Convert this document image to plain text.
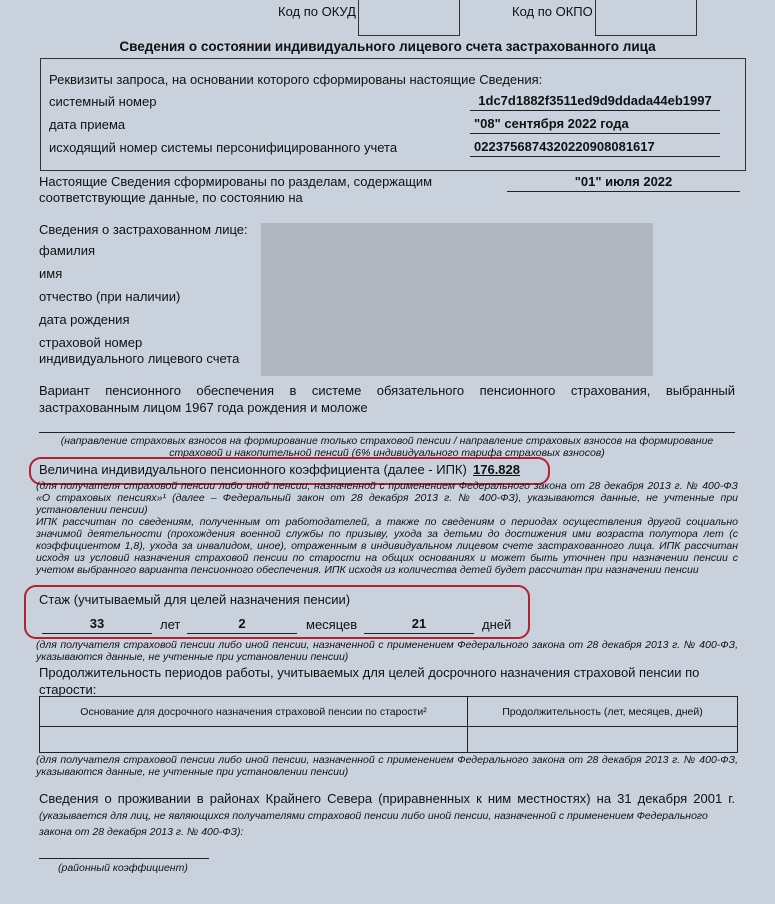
Код по ОКУД	Код по ОКПО
Сведения о состоянии индивидуального лицевого счета застрахованного лица
Реквизиты запроса, на основании которого сформированы настоящие Сведения:
системный номер	1dc7d1882f3511ed9d9ddada44eb1997
дата приема	"08" сентября 2022 года
исходящий номер системы персонифицированного учета	0223756874320220908081617
Настоящие Сведения сформированы по разделам, содержащим соответствующие данные, по состоянию на
"01" июля 2022
Сведения о застрахованном лице:
фамилия
имя
отчество (при наличии)
дата рождения
страховой номер
индивидуального лицевого счета
Вариант пенсионного обеспечения в системе обязательного пенсионного страхования, выбранный застрахованным лицом 1967 года рождения и моложе
(направление страховых взносов на формирование только страховой пенсии / направление страховых взносов на формирование страховой и накопительной пенсий (6% индивидуального тарифа страховых взносов)
Величина индивидуального пенсионного коэффициента (далее - ИПК) 176.828
(для получателя страховой пенсии либо иной пенсии, назначенной с применением Федерального закона от 28 декабря 2013 г. № 400-ФЗ «О страховых пенсиях»¹ (далее – Федеральный закон от 28 декабря 2013 г. № 400-ФЗ), указываются данные, не учтенные при установлении пенсии)
ИПК рассчитан по сведениям, полученным от работодателей, а также по сведениям о периодах осуществления другой социально значимой деятельности (прохождения военной службы по призыву, ухода за детьми до достижения ими возраста полутора лет (с коэффициентом 1,8), ухода за инвалидом, иное), отраженным в индивидуальном лицевом счете застрахованного лица. ИПК рассчитан исходя из условий назначения страховой пенсии по старости на общих основаниях и может быть уточнен при назначении пенсии с учетом выбранного варианта пенсионного обеспечения. ИПК исходя из количества детей будет рассчитан при назначении пенсии
Стаж (учитываемый для целей назначения пенсии)
33	лет	2	месяцев	21	дней
(для получателя страховой пенсии либо иной пенсии, назначенной с применением Федерального закона от 28 декабря 2013 г. № 400-ФЗ, указываются данные, не учтенные при установлении пенсии)
Продолжительность периодов работы, учитываемых для целей досрочного назначения страховой пенсии по старости:
Основание для досрочного назначения страховой пенсии по старости²	Продолжительность (лет, месяцев, дней)

(для получателя страховой пенсии либо иной пенсии, назначенной с применением Федерального закона от 28 декабря 2013 г. № 400-ФЗ, указываются данные, не учтенные при установлении пенсии)
Сведения о проживании в районах Крайнего Севера (приравненных к ним местностях) на 31 декабря 2001 г.
(указывается для лиц, не являющихся получателями страховой пенсии либо иной пенсии, назначенной с применением Федерального закона от 28 декабря 2013 г. № 400-ФЗ):
(районный коэффициент)
